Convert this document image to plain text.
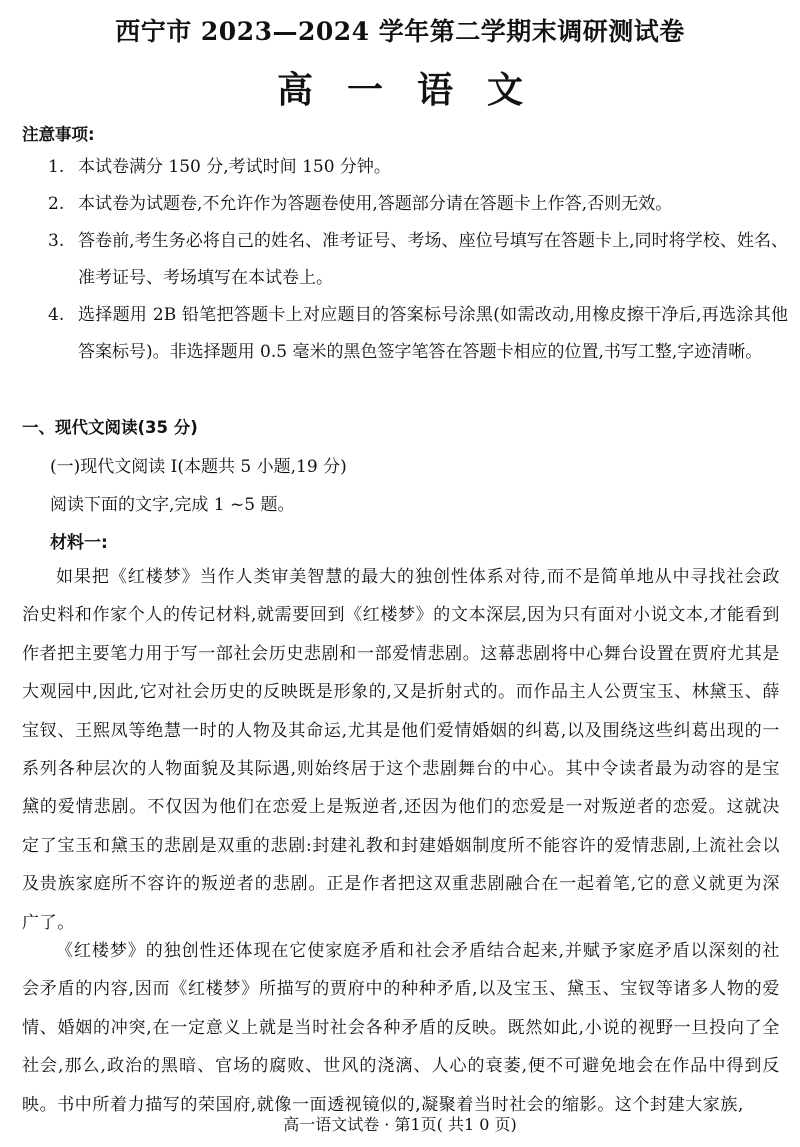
西宁市 2023—2024 学年第二学期末调研测试卷
高一语文
注意事项:
1. 本试卷满分 150 分,考试时间 150 分钟。
2. 本试卷为试题卷,不允许作为答题卷使用,答题部分请在答题卡上作答,否则无效。
3. 答卷前,考生务必将自己的姓名、准考证号、考场、座位号填写在答题卡上,同时将学校、姓名、准考证号、考场填写在本试卷上。
4. 选择题用 2B 铅笔把答题卡上对应题目的答案标号涂黑(如需改动,用橡皮擦干净后,再选涂其他答案标号)。非选择题用 0.5 毫米的黑色签字笔答在答题卡相应的位置,书写工整,字迹清晰。
一、现代文阅读(35 分)
(一)现代文阅读 Ⅰ(本题共 5 小题,19 分)
阅读下面的文字,完成 1 ~5 题。
材料一:
如果把《红楼梦》当作人类审美智慧的最大的独创性体系对待,而不是简单地从中寻找社会政治史料和作家个人的传记材料,就需要回到《红楼梦》的文本深层,因为只有面对小说文本,才能看到作者把主要笔力用于写一部社会历史悲剧和一部爱情悲剧。这幕悲剧将中心舞台设置在贾府尤其是大观园中,因此,它对社会历史的反映既是形象的,又是折射式的。而作品主人公贾宝玉、林黛玉、薛宝钗、王熙凤等绝慧一时的人物及其命运,尤其是他们爱情婚姻的纠葛,以及围绕这些纠葛出现的一系列各种层次的人物面貌及其际遇,则始终居于这个悲剧舞台的中心。其中令读者最为动容的是宝黛的爱情悲剧。不仅因为他们在恋爱上是叛逆者,还因为他们的恋爱是一对叛逆者的恋爱。这就决定了宝玉和黛玉的悲剧是双重的悲剧:封建礼教和封建婚姻制度所不能容许的爱情悲剧,上流社会以及贵族家庭所不容许的叛逆者的悲剧。正是作者把这双重悲剧融合在一起着笔,它的意义就更为深广了。
《红楼梦》的独创性还体现在它使家庭矛盾和社会矛盾结合起来,并赋予家庭矛盾以深刻的社会矛盾的内容,因而《红楼梦》所描写的贾府中的种种矛盾,以及宝玉、黛玉、宝钗等诸多人物的爱情、婚姻的冲突,在一定意义上就是当时社会各种矛盾的反映。既然如此,小说的视野一旦投向了全社会,那么,政治的黑暗、官场的腐败、世风的浇漓、人心的衰萎,便不可避免地会在作品中得到反映。书中所着力描写的荣国府,就像一面透视镜似的,凝聚着当时社会的缩影。这个封建大家族,
高一语文试卷 · 第1页( 共1 0 页)
